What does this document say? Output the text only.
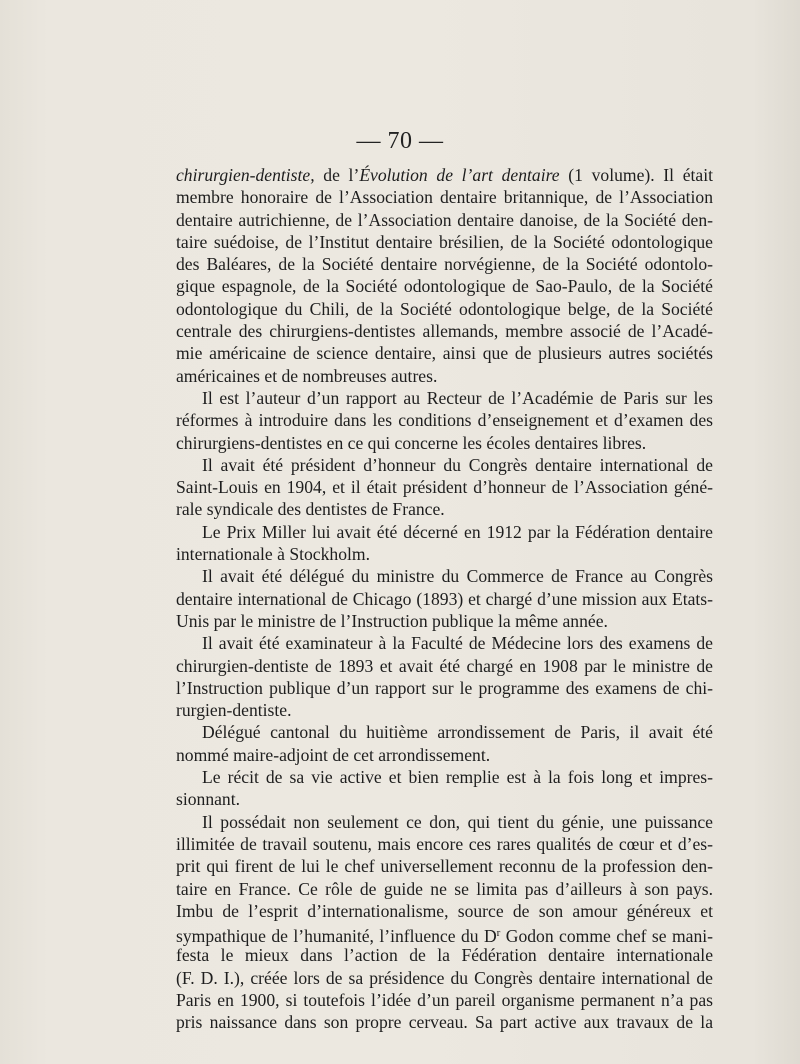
— 70 —
chirurgien-dentiste, de l’Évolution de l’art dentaire (1 volume). Il était
membre honoraire de l’Association dentaire britannique, de l’Association
dentaire autrichienne, de l’Association dentaire danoise, de la Société den-
taire suédoise, de l’Institut dentaire brésilien, de la Société odontologique
des Baléares, de la Société dentaire norvégienne, de la Société odontolo-
gique espagnole, de la Société odontologique de Sao-Paulo, de la Société
odontologique du Chili, de la Société odontologique belge, de la Société
centrale des chirurgiens-dentistes allemands, membre associé de l’Acadé-
mie américaine de science dentaire, ainsi que de plusieurs autres sociétés
américaines et de nombreuses autres.
Il est l’auteur d’un rapport au Recteur de l’Académie de Paris sur les
réformes à introduire dans les conditions d’enseignement et d’examen des
chirurgiens-dentistes en ce qui concerne les écoles dentaires libres.
Il avait été président d’honneur du Congrès dentaire international de
Saint-Louis en 1904, et il était président d’honneur de l’Association géné-
rale syndicale des dentistes de France.
Le Prix Miller lui avait été décerné en 1912 par la Fédération dentaire
internationale à Stockholm.
Il avait été délégué du ministre du Commerce de France au Congrès
dentaire international de Chicago (1893) et chargé d’une mission aux Etats-
Unis par le ministre de l’Instruction publique la même année.
Il avait été examinateur à la Faculté de Médecine lors des examens de
chirurgien-dentiste de 1893 et avait été chargé en 1908 par le ministre de
l’Instruction publique d’un rapport sur le programme des examens de chi-
rurgien-dentiste.
Délégué cantonal du huitième arrondissement de Paris, il avait été
nommé maire-adjoint de cet arrondissement.
Le récit de sa vie active et bien remplie est à la fois long et impres-
sionnant.
Il possédait non seulement ce don, qui tient du génie, une puissance
illimitée de travail soutenu, mais encore ces rares qualités de cœur et d’es-
prit qui firent de lui le chef universellement reconnu de la profession den-
taire en France. Ce rôle de guide ne se limita pas d’ailleurs à son pays.
Imbu de l’esprit d’internationalisme, source de son amour généreux et
sympathique de l’humanité, l’influence du $D^r$ Godon comme chef se mani-
festa le mieux dans l’action de la Fédération dentaire internationale
(F. D. I.), créée lors de sa présidence du Congrès dentaire international de
Paris en 1900, si toutefois l’idée d’un pareil organisme permanent n’a pas
pris naissance dans son propre cerveau. Sa part active aux travaux de la
